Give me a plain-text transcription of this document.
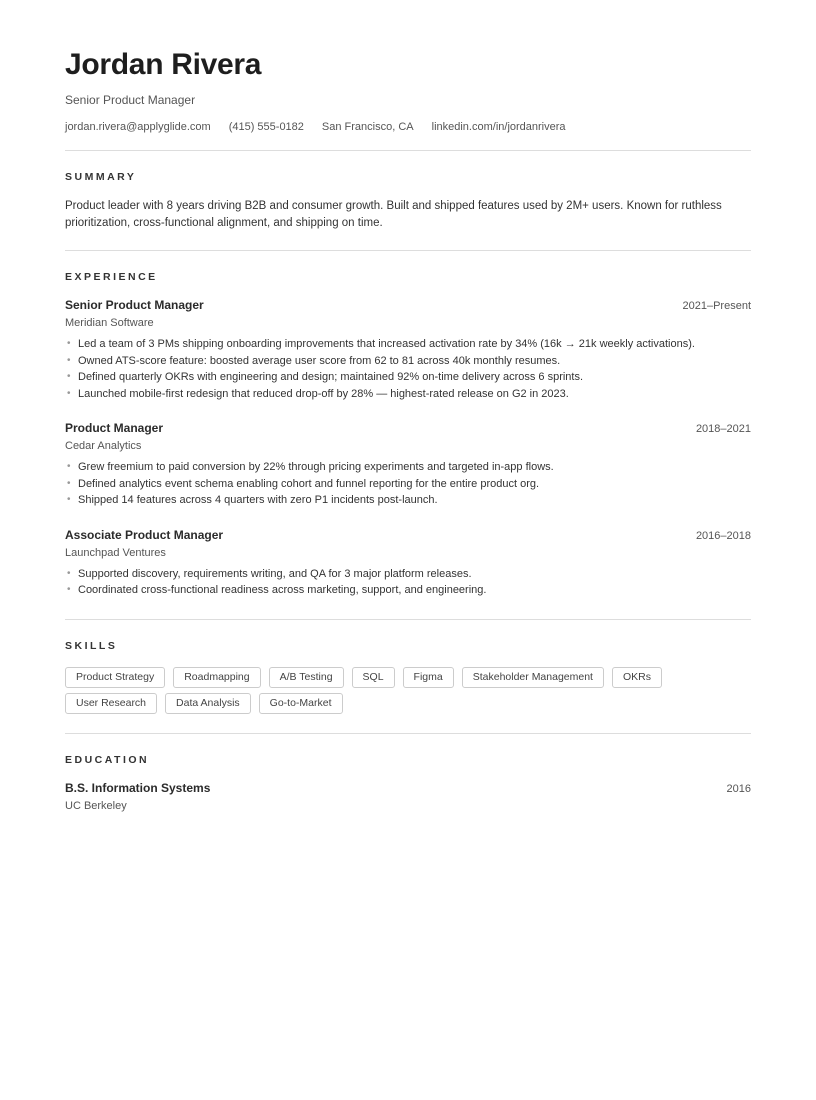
Jordan Rivera
Senior Product Manager
jordan.rivera@applyglide.com (415) 555-0182 San Francisco, CA linkedin.com/in/jordanrivera
SUMMARY

Product leader with 8 years driving B2B and consumer growth. Built and shipped features used by 2M+ users. Known for ruthless prioritization, cross-functional alignment, and shipping on time.

EXPERIENCE
Senior Product Manager	2021–Present
Meridian Software
• Led a team of 3 PMs shipping onboarding improvements that increased activation rate by 34% (16k → 21k weekly activations).
• Owned ATS-score feature: boosted average user score from 62 to 81 across 40k monthly resumes.
• Defined quarterly OKRs with engineering and design; maintained 92% on-time delivery across 6 sprints.
• Launched mobile-first redesign that reduced drop-off by 28% — highest-rated release on G2 in 2023.
Product Manager	2018–2021
Cedar Analytics
• Grew freemium to paid conversion by 22% through pricing experiments and targeted in-app flows.
• Defined analytics event schema enabling cohort and funnel reporting for the entire product org.
• Shipped 14 features across 4 quarters with zero P1 incidents post-launch.
Associate Product Manager	2016–2018
Launchpad Ventures
• Supported discovery, requirements writing, and QA for 3 major platform releases.
• Coordinated cross-functional readiness across marketing, support, and engineering.
SKILLS
Product Strategy	Roadmapping	A/B Testing	SQL	Figma	Stakeholder Management	OKRs
User Research	Data Analysis	Go-to-Market
EDUCATION
B.S. Information Systems	2016
UC Berkeley
